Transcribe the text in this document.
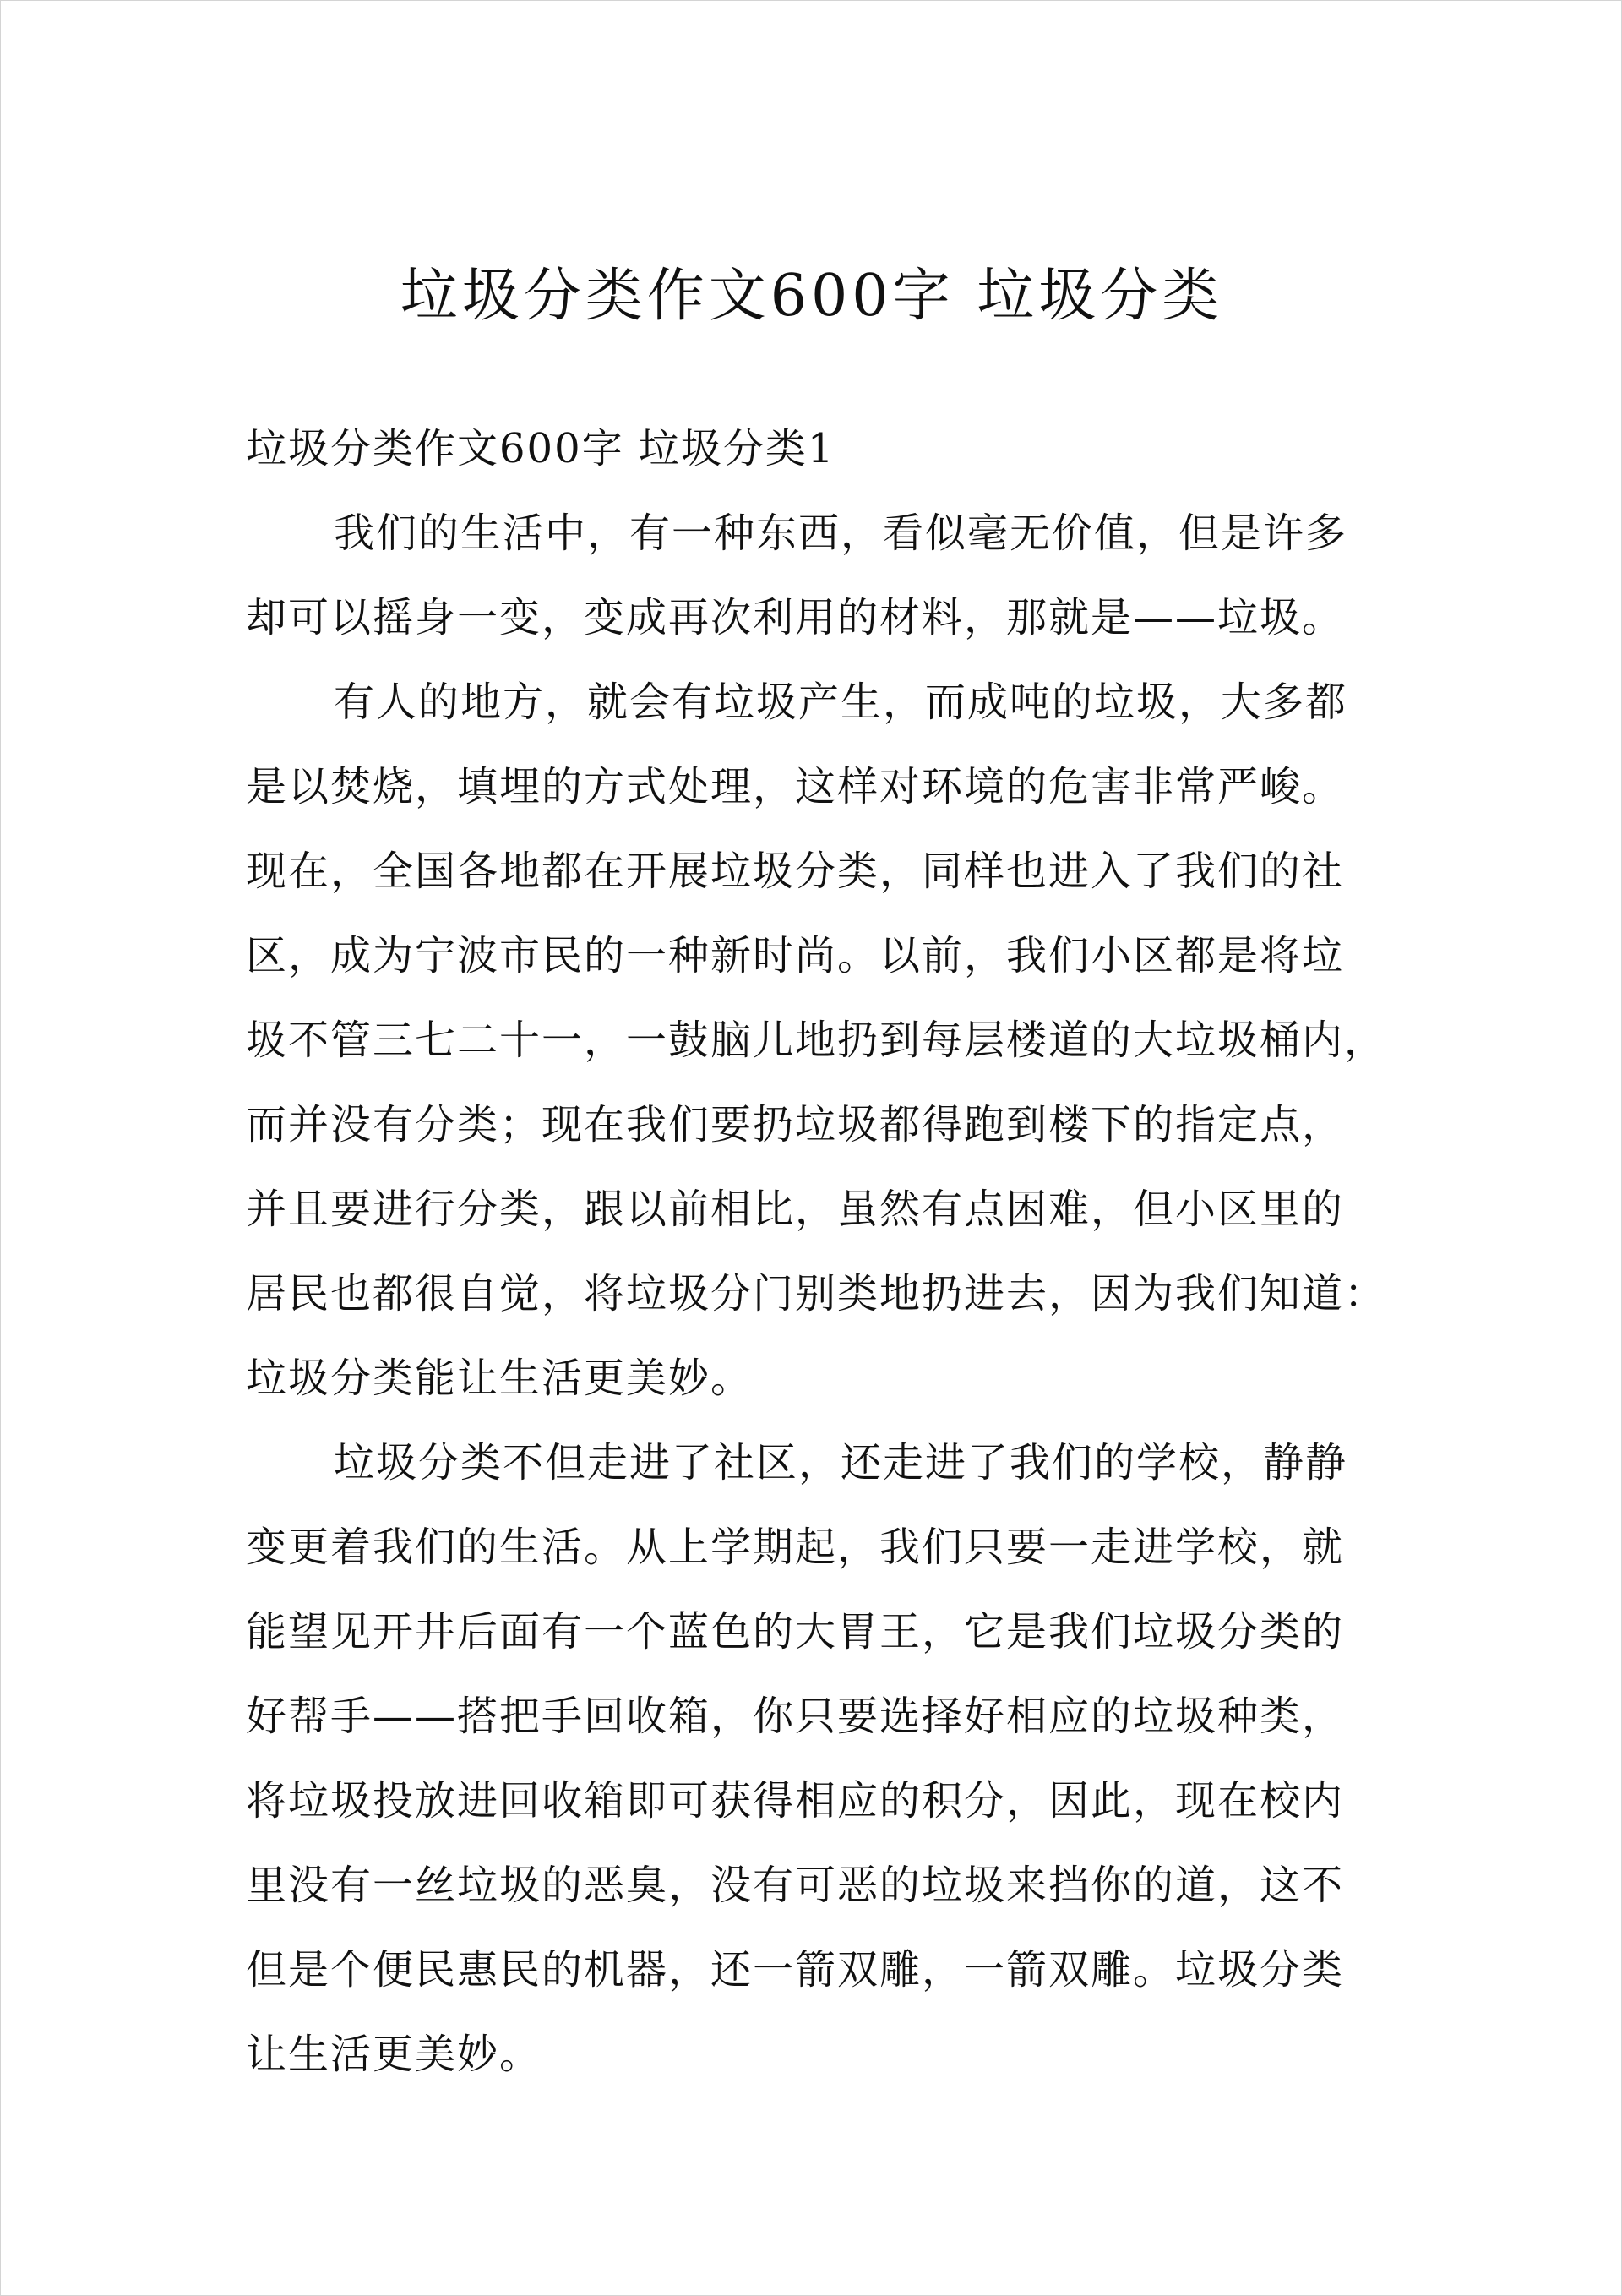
垃圾分类作文600字 垃圾分类

垃圾分类作文600字 垃圾分类1

我们的生活中，有一种东西，看似毫无价值，但是许多
却可以摇身一变，变成再次利用的材料，那就是——垃圾。
有人的地方，就会有垃圾产生，而成吨的垃圾，大多都
是以焚烧，填埋的方式处理，这样对环境的危害非常严峻。
现在，全国各地都在开展垃圾分类，同样也进入了我们的社
区，成为宁波市民的一种新时尚。以前，我们小区都是将垃
圾不管三七二十一，一鼓脑儿地扔到每层楼道的大垃圾桶内，
而并没有分类；现在我们要扔垃圾都得跑到楼下的指定点，
并且要进行分类，跟以前相比，虽然有点困难，但小区里的
居民也都很自觉，将垃圾分门别类地扔进去，因为我们知道：
垃圾分类能让生活更美妙。
垃圾分类不但走进了社区，还走进了我们的学校，静静
变更着我们的生活。从上学期起，我们只要一走进学校，就
能望见开井后面有一个蓝色的大胃王，它是我们垃圾分类的
好帮手——搭把手回收箱，你只要选择好相应的垃圾种类，
将垃圾投放进回收箱即可获得相应的积分，因此，现在校内
里没有一丝垃圾的恶臭，没有可恶的垃圾来挡你的道，这不
但是个便民惠民的机器，还一箭双雕，一箭双雕。垃圾分类
让生活更美妙。
